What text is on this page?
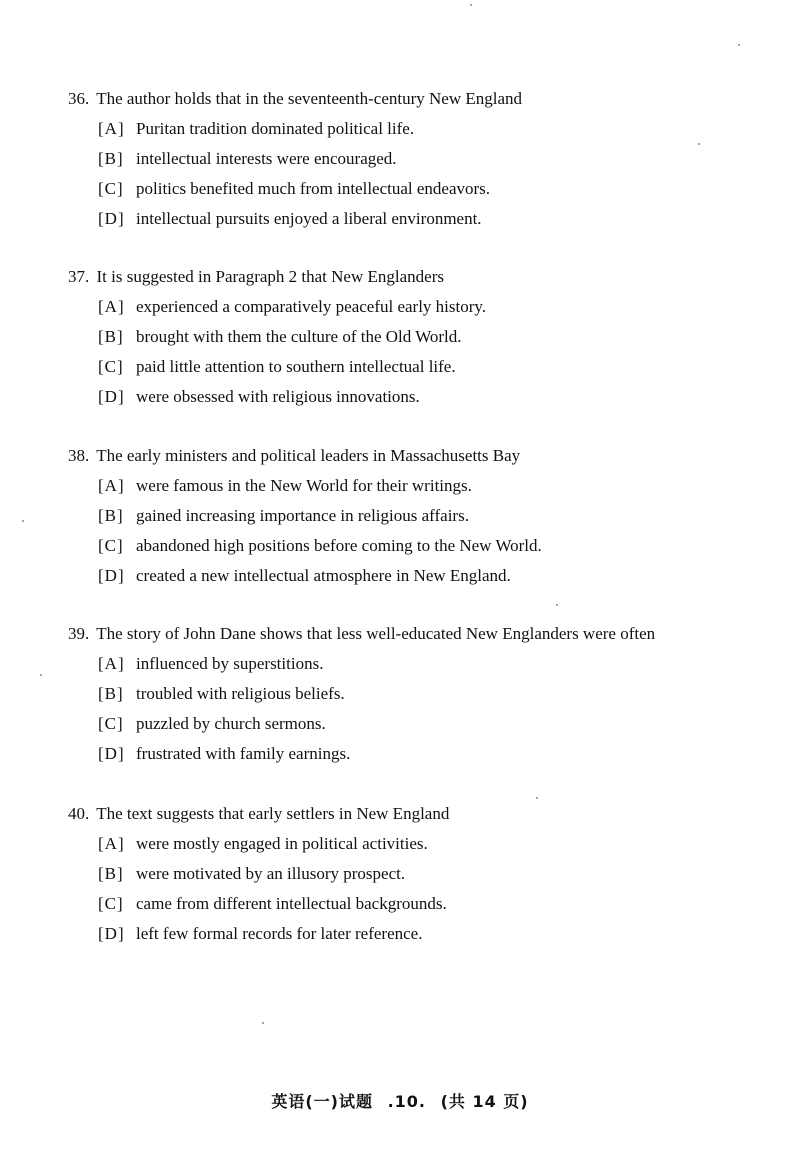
36. The author holds that in the seventeenth-century New England
[A] Puritan tradition dominated political life.
[B] intellectual interests were encouraged.
[C] politics benefited much from intellectual endeavors.
[D] intellectual pursuits enjoyed a liberal environment.
37. It is suggested in Paragraph 2 that New Englanders
[A] experienced a comparatively peaceful early history.
[B] brought with them the culture of the Old World.
[C] paid little attention to southern intellectual life.
[D] were obsessed with religious innovations.
38. The early ministers and political leaders in Massachusetts Bay
[A] were famous in the New World for their writings.
[B] gained increasing importance in religious affairs.
[C] abandoned high positions before coming to the New World.
[D] created a new intellectual atmosphere in New England.
39. The story of John Dane shows that less well-educated New Englanders were often
[A] influenced by superstitions.
[B] troubled with religious beliefs.
[C] puzzled by church sermons.
[D] frustrated with family earnings.
40. The text suggests that early settlers in New England
[A] were mostly engaged in political activities.
[B] were motivated by an illusory prospect.
[C] came from different intellectual backgrounds.
[D] left few formal records for later reference.
英语(一)试题 .10. (共 14 页)
